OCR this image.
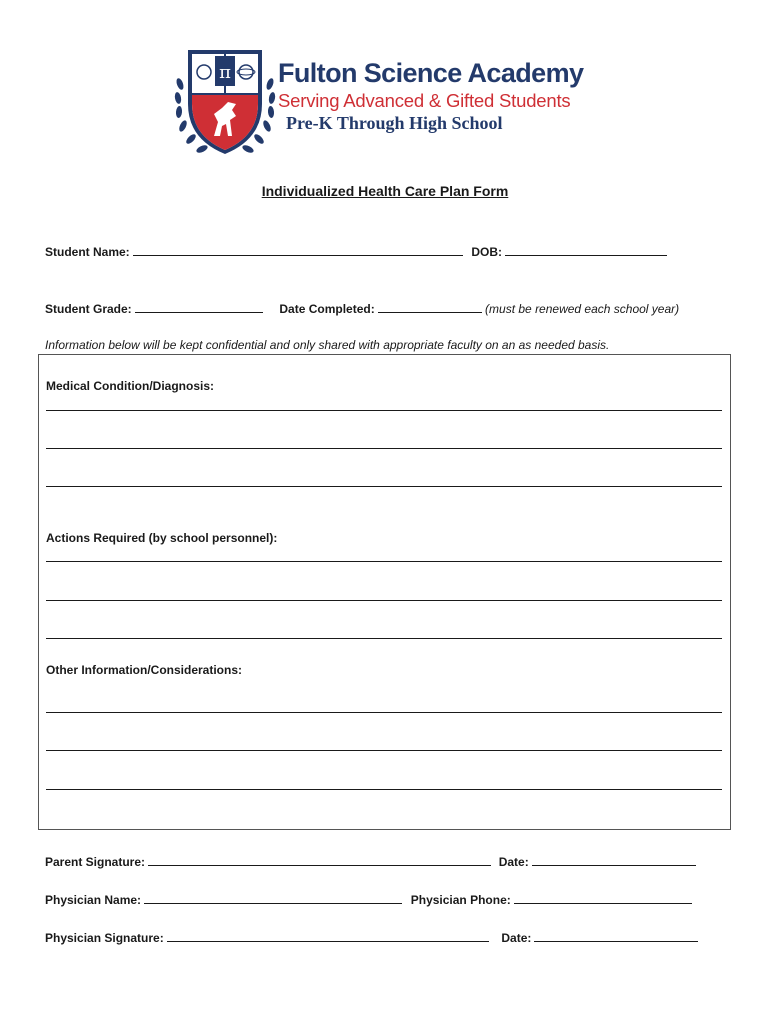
π Fulton Science Academy
Serving Advanced & Gifted Students
Pre-K Through High School
Individualized Health Care Plan Form
Student Name:	DOB:
Student Grade:	Date Completed:	(must be renewed each school year)
Information below will be kept confidential and only shared with appropriate faculty on an as needed basis.
Medical Condition/Diagnosis:
Actions Required (by school personnel):
Other Information/Considerations:
Parent Signature:	Date:
Physician Name:	Physician Phone:
Physician Signature:	Date:
